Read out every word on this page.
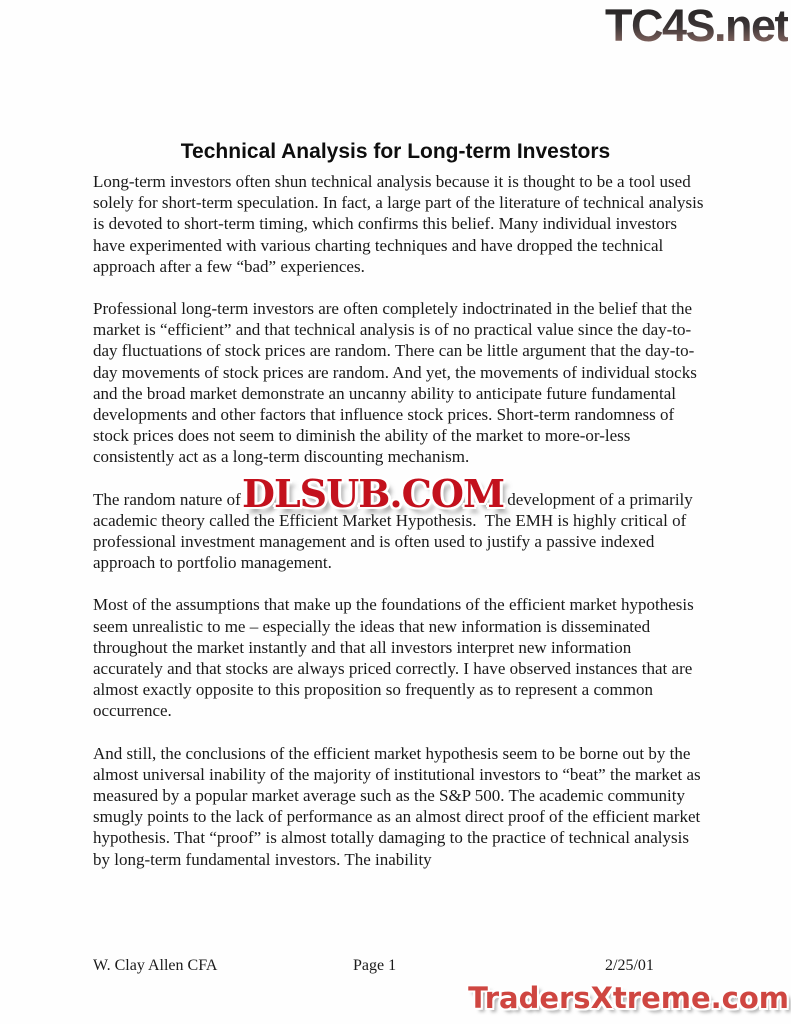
TC4S.net
Technical Analysis for Long-term Investors

Long-term investors often shun technical analysis because it is thought to be a tool used solely for short-term speculation. In fact, a large part of the literature of technical analysis is devoted to short-term timing, which confirms this belief. Many individual investors have experimented with various charting techniques and have dropped the technical approach after a few “bad” experiences.

Professional long-term investors are often completely indoctrinated in the belief that the market is “efficient” and that technical analysis is of no practical value since the day-to-day fluctuations of stock prices are random. There can be little argument that the day-to-day movements of stock prices are random. And yet, the movements of individual stocks and the broad market demonstrate an uncanny ability to anticipate future fundamental developments and other factors that influence stock prices. Short-term randomness of stock prices does not seem to diminish the ability of the market to more-or-less consistently act as a long-term discounting mechanism.

The random nature of
DLSUB.COM
development of a primarily academic theory called the Efficient Market Hypothesis.  The EMH is highly critical of professional investment management and is often used to justify a passive indexed approach to portfolio management.

Most of the assumptions that make up the foundations of the efficient market hypothesis seem unrealistic to me – especially the ideas that new information is disseminated throughout the market instantly and that all investors interpret new information accurately and that stocks are always priced correctly. I have observed instances that are almost exactly opposite to this proposition so frequently as to represent a common occurrence.

And still, the conclusions of the efficient market hypothesis seem to be borne out by the almost universal inability of the majority of institutional investors to “beat” the market as measured by a popular market average such as the S&P 500. The academic community smugly points to the lack of performance as an almost direct proof of the efficient market hypothesis. That “proof” is almost totally damaging to the practice of technical analysis by long-term fundamental investors. The inability

W. Clay Allen CFA	Page 1	2/25/01
TradersXtreme.com
